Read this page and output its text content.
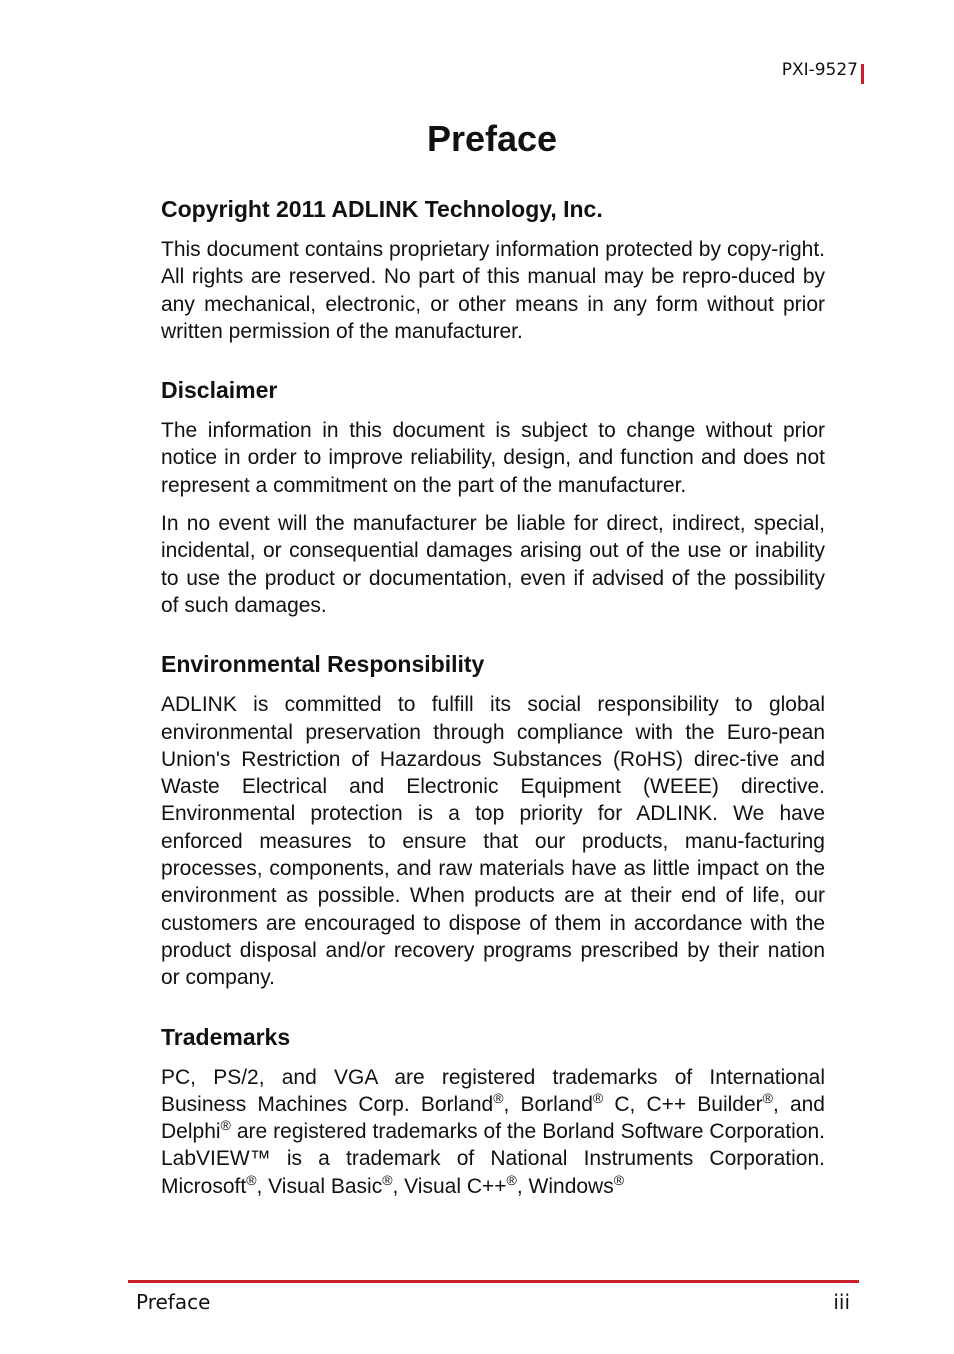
PXI-9527
Preface
Copyright 2011 ADLINK Technology, Inc.

This document contains proprietary information protected by copy-right. All rights are reserved. No part of this manual may be repro-duced by any mechanical, electronic, or other means in any form without prior written permission of the manufacturer.

Disclaimer

The information in this document is subject to change without prior notice in order to improve reliability, design, and function and does not represent a commitment on the part of the manufacturer.

In no event will the manufacturer be liable for direct, indirect, special, incidental, or consequential damages arising out of the use or inability to use the product or documentation, even if advised of the possibility of such damages.

Environmental Responsibility

ADLINK is committed to fulfill its social responsibility to global environmental preservation through compliance with the Euro-pean Union's Restriction of Hazardous Substances (RoHS) direc-tive and Waste Electrical and Electronic Equipment (WEEE) directive. Environmental protection is a top priority for ADLINK. We have enforced measures to ensure that our products, manu-facturing processes, components, and raw materials have as little impact on the environment as possible. When products are at their end of life, our customers are encouraged to dispose of them in accordance with the product disposal and/or recovery programs prescribed by their nation or company.

Trademarks

PC, PS/2, and VGA are registered trademarks of International Business Machines Corp. Borland®, Borland® C, C++ Builder®, and Delphi® are registered trademarks of the Borland Software Corporation. LabVIEW™ is a trademark of National Instruments Corporation. Microsoft®, Visual Basic®, Visual C++®, Windows®

Preface	iii
